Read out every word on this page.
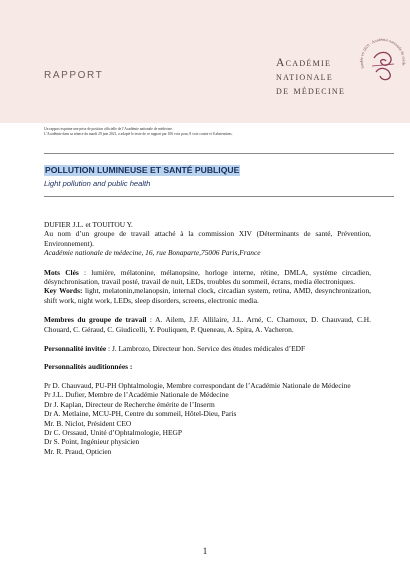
RAPPORT
Académie
nationale
de médecine
fondée en 1820 · Académie nationale de méde
Un rapport exprime une prise de position officielle de l’Académie nationale de médecine.
L’Académie dans sa séance du mardi 29 juin 2021, a adopté le texte de ce rapport par 106 voix pour, 8 voix contre et 8 abstentions.
POLLUTION LUMINEUSE ET SANTÉ PUBLIQUE
Light pollution and public health

DUFIER J.L. et TOUITOU Y.

Au nom d’un groupe de travail attaché à la commission XIV (Déterminants de santé, Prévention, Environnement).

Académie nationale de médecine, 16, rue Bonaparte,75006 Paris,France

Mots Clés : lumière, mélatonine, mélanopsine, horloge interne, rétine, DMLA, système circadien, désynchronisation, travail posté, travail de nuit, LEDs, troubles du sommeil, écrans, media électroniques.

Key Words: light, melatonin,melanopsin, internal clock, circadian system, retina, AMD, desynchronization, shift work, night work, LEDs, sleep disorders, screens, electronic media.

Membres du groupe de travail : A. Ailem, J.F. Allilaire, J.L. Arné, C. Chamoux, D. Chauvaud, C.H. Chouard, C. Géraud, C. Giudicelli, Y. Pouliquen, P. Queneau, A. Spira, A. Vacheron.

Personnalité invitée : J. Lambrozo, Directeur hon. Service des études médicales d’EDF

Personnalités auditionnées :

Pr D. Chauvaud, PU-PH Ophtalmologie, Membre correspondant de l’Académie Nationale de Médecine

Pr J.L. Dufier, Membre de l’Académie Nationale de Médecine

Dr J. Kaplan, Directeur de Recherche émérite de l’Inserm

Dr A. Metlaine, MCU-PH, Centre du sommeil, Hôtel-Dieu, Paris

Mr. B. Niclot, Président CEO

Dr C. Orssaud, Unité d’Ophtalmologie, HEGP

Dr S. Point, Ingénieur physicien

Mr. R. Praud, Opticien

1
